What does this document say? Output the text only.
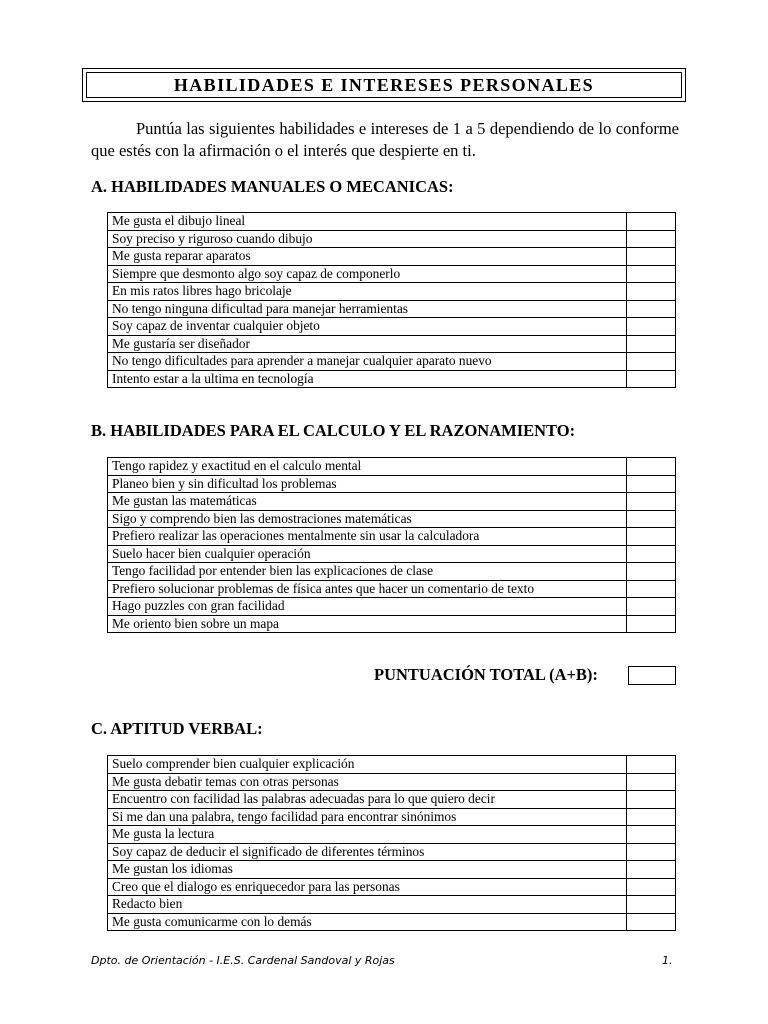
HABILIDADES E INTERESES PERSONALES
Puntúa las siguientes habilidades e intereses de 1 a 5 dependiendo de lo conforme que estés con la afirmación o el interés que despierte en ti.
A. HABILIDADES MANUALES O MECANICAS:
Me gusta el dibujo lineal	
Soy preciso y riguroso cuando dibujo	
Me gusta reparar aparatos	
Siempre que desmonto algo soy capaz de componerlo	
En mis ratos libres hago bricolaje	
No tengo ninguna dificultad para manejar herramientas	
Soy capaz de inventar cualquier objeto	
Me gustaría ser diseñador	
No tengo dificultades para aprender a manejar cualquier aparato nuevo	
Intento estar a la ultima en tecnología	
B. HABILIDADES PARA EL CALCULO Y EL RAZONAMIENTO:
Tengo rapidez y exactitud en el calculo mental	
Planeo bien y sin dificultad los problemas	
Me gustan las matemáticas	
Sigo y comprendo bien las demostraciones matemáticas	
Prefiero realizar las operaciones mentalmente sin usar la calculadora	
Suelo hacer bien cualquier operación	
Tengo facilidad por entender bien las explicaciones de clase	
Prefiero solucionar problemas de física antes que hacer un comentario de texto	
Hago puzzles con gran facilidad	
Me oriento bien sobre un mapa	
PUNTUACIÓN TOTAL (A+B):
C. APTITUD VERBAL:
Suelo comprender bien cualquier explicación	
Me gusta debatir temas con otras personas	
Encuentro con facilidad las palabras adecuadas para lo que quiero decir	
Si me dan una palabra, tengo facilidad para encontrar sinónimos	
Me gusta la lectura	
Soy capaz de deducir el significado de diferentes términos	
Me gustan los idiomas	
Creo que el dialogo es enriquecedor para las personas	
Redacto bien	
Me gusta comunicarme con lo demás	
Dpto. de Orientación - I.E.S. Cardenal Sandoval y Rojas	1.
